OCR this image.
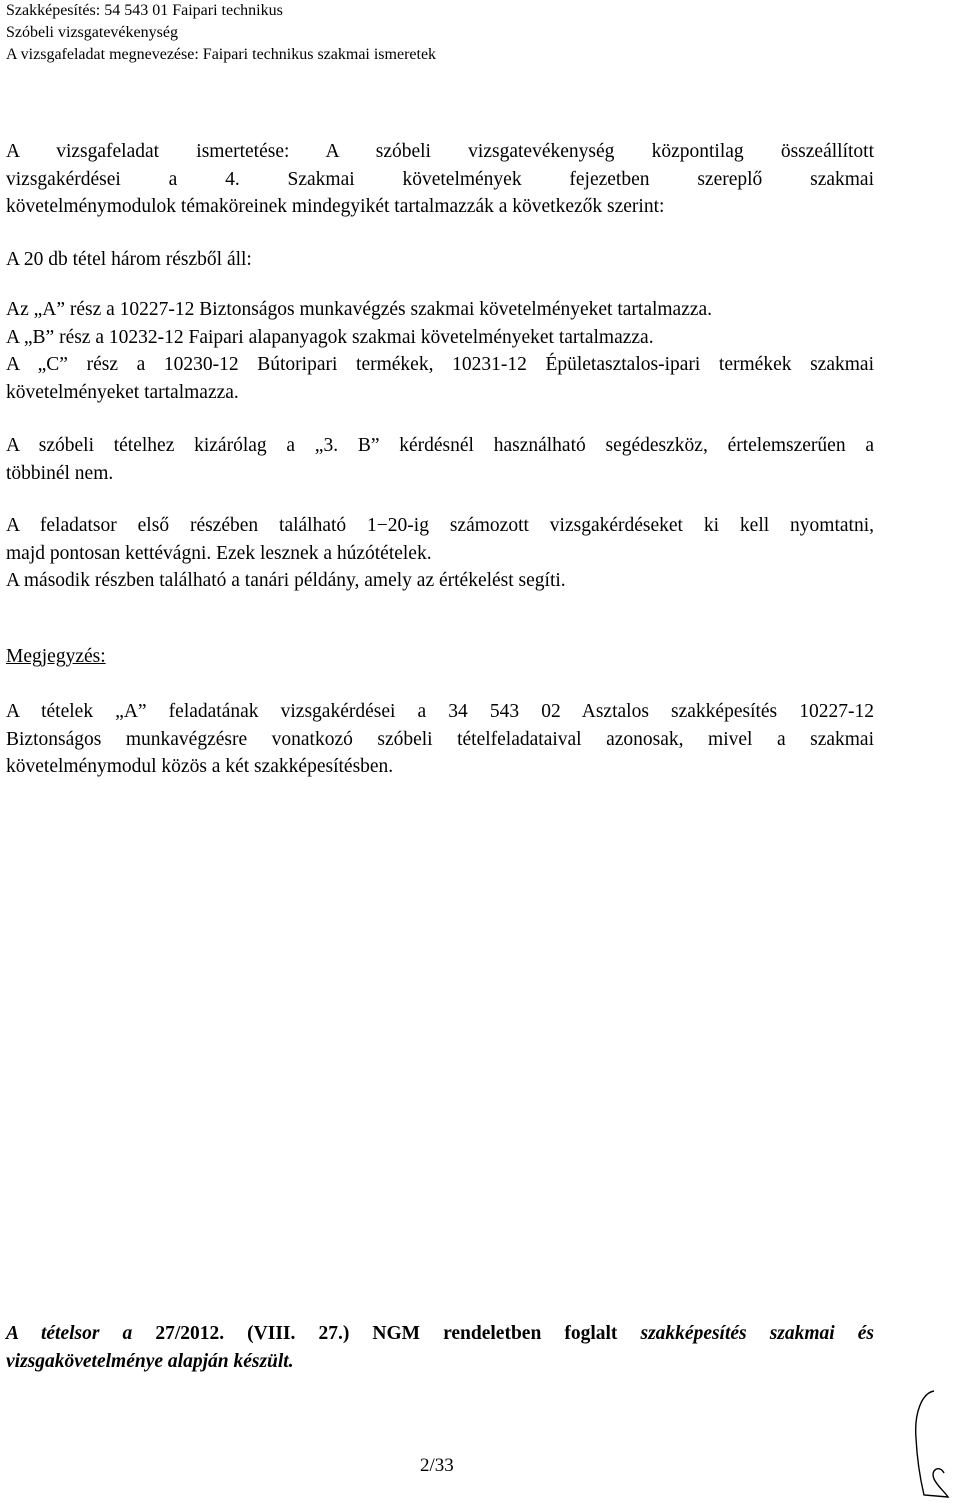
Szakképesítés: 54 543 01 Faipari technikus
Szóbeli vizsgatevékenység
A vizsgafeladat megnevezése: Faipari technikus szakmai ismeretek
A vizsgafeladat ismertetése: A szóbeli vizsgatevékenység központilag összeállított
vizsgakérdései a 4. Szakmai követelmények fejezetben szereplő szakmai
követelménymodulok témaköreinek mindegyikét tartalmazzák a következők szerint:
A 20 db tétel három részből áll:
Az „A” rész a 10227-12 Biztonságos munkavégzés szakmai követelményeket tartalmazza.
A „B” rész a 10232-12 Faipari alapanyagok szakmai követelményeket tartalmazza.
A „C” rész a 10230-12 Bútoripari termékek, 10231-12 Épületasztalos-ipari termékek szakmai
követelményeket tartalmazza.
A szóbeli tételhez kizárólag a „3. B” kérdésnél használható segédeszköz, értelemszerűen a
többinél nem.
A feladatsor első részében található 1−20-ig számozott vizsgakérdéseket ki kell nyomtatni,
majd pontosan kettévágni. Ezek lesznek a húzótételek.
A második részben található a tanári példány, amely az értékelést segíti.
Megjegyzés:
A tételek „A” feladatának vizsgakérdései a 34 543 02 Asztalos szakképesítés 10227-12
Biztonságos munkavégzésre vonatkozó szóbeli tételfeladataival azonosak, mivel a szakmai
követelménymodul közös a két szakképesítésben.
A tételsor a 27/2012. (VIII. 27.) NGM rendeletben foglalt szakképesítés szakmai és
vizsgakövetelménye alapján készült.
2/33
